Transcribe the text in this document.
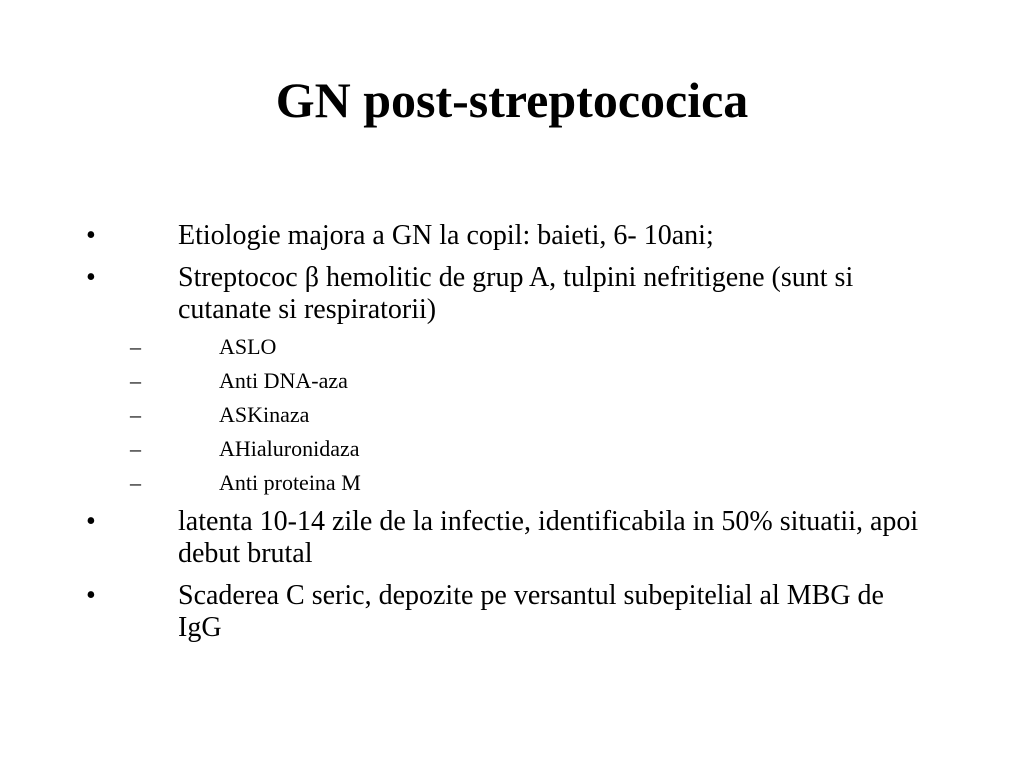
GN post-streptococica
•	Etiologie majora a GN la copil: baieti, 6- 10ani;
•	Streptococ β hemolitic de grup A, tulpini nefritigene (sunt si cutanate si respiratorii)
–	ASLO
–	Anti DNA-aza
–	ASKinaza
–	AHialuronidaza
–	Anti proteina M
•	latenta 10-14 zile de la infectie, identificabila in 50% situatii, apoi debut brutal
•	Scaderea C seric, depozite pe versantul subepitelial al MBG de IgG
